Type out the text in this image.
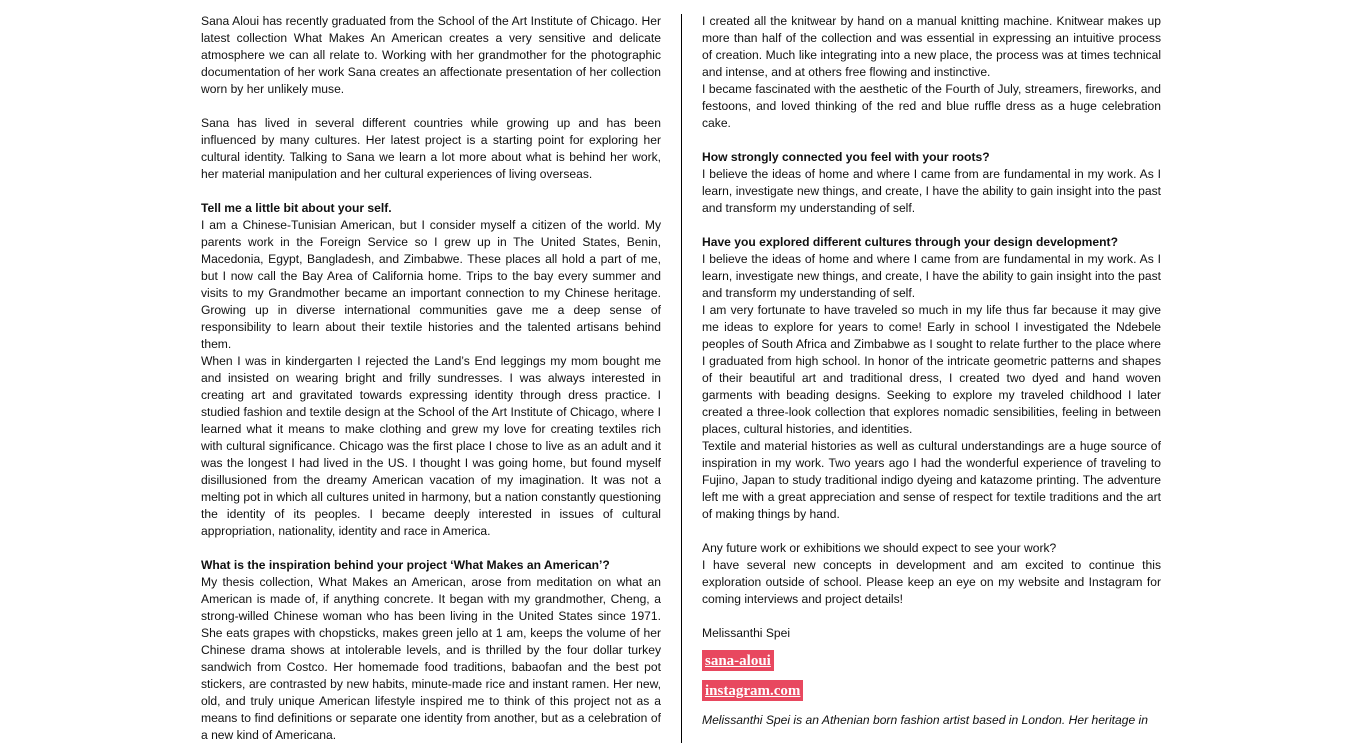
Sana Aloui has recently graduated from the School of the Art Institute of Chicago. Her latest collection What Makes An American creates a very sensitive and delicate atmosphere we can all relate to. Working with her grandmother for the photographic documentation of her work Sana creates an affectionate presentation of her collection worn by her unlikely muse.

Sana has lived in several different countries while growing up and has been influenced by many cultures. Her latest project is a starting point for exploring her cultural identity. Talking to Sana we learn a lot more about what is behind her work, her material manipulation and her cultural experiences of living overseas.

Tell me a little bit about your self.

I am a Chinese-Tunisian American, but I consider myself a citizen of the world. My parents work in the Foreign Service so I grew up in The United States, Benin, Macedonia, Egypt, Bangladesh, and Zimbabwe. These places all hold a part of me, but I now call the Bay Area of California home. Trips to the bay every summer and visits to my Grandmother became an important connection to my Chinese heritage. Growing up in diverse international communities gave me a deep sense of responsibility to learn about their textile histories and the talented artisans behind them.

When I was in kindergarten I rejected the Land’s End leggings my mom bought me and insisted on wearing bright and frilly sundresses. I was always interested in creating art and gravitated towards expressing identity through dress practice. I studied fashion and textile design at the School of the Art Institute of Chicago, where I learned what it means to make clothing and grew my love for creating textiles rich with cultural significance. Chicago was the first place I chose to live as an adult and it was the longest I had lived in the US. I thought I was going home, but found myself disillusioned from the dreamy American vacation of my imagination. It was not a melting pot in which all cultures united in harmony, but a nation constantly questioning the identity of its peoples. I became deeply interested in issues of cultural appropriation, nationality, identity and race in America.

What is the inspiration behind your project ‘What Makes an American’?

My thesis collection, What Makes an American, arose from meditation on what an American is made of, if anything concrete. It began with my grandmother, Cheng, a strong-willed Chinese woman who has been living in the United States since 1971. She eats grapes with chopsticks, makes green jello at 1 am, keeps the volume of her Chinese drama shows at intolerable levels, and is thrilled by the four dollar turkey sandwich from Costco. Her homemade food traditions, babaofan and the best pot stickers, are contrasted by new habits, minute-made rice and instant ramen. Her new, old, and truly unique American lifestyle inspired me to think of this project not as a means to find definitions or separate one identity from another, but as a celebration of a new kind of Americana.

I created all the knitwear by hand on a manual knitting machine. Knitwear makes up more than half of the collection and was essential in expressing an intuitive process of creation. Much like integrating into a new place, the process was at times technical and intense, and at others free flowing and instinctive.

I became fascinated with the aesthetic of the Fourth of July, streamers, fireworks, and festoons, and loved thinking of the red and blue ruffle dress as a huge celebration cake.

How strongly connected you feel with your roots?

I believe the ideas of home and where I came from are fundamental in my work. As I learn, investigate new things, and create, I have the ability to gain insight into the past and transform my understanding of self.

Have you explored different cultures through your design development?

I believe the ideas of home and where I came from are fundamental in my work. As I learn, investigate new things, and create, I have the ability to gain insight into the past and transform my understanding of self.

I am very fortunate to have traveled so much in my life thus far because it may give me ideas to explore for years to come! Early in school I investigated the Ndebele peoples of South Africa and Zimbabwe as I sought to relate further to the place where I graduated from high school. In honor of the intricate geometric patterns and shapes of their beautiful art and traditional dress, I created two dyed and hand woven garments with beading designs. Seeking to explore my traveled childhood I later created a three-look collection that explores nomadic sensibilities, feeling in between places, cultural histories, and identities.

Textile and material histories as well as cultural understandings are a huge source of inspiration in my work. Two years ago I had the wonderful experience of traveling to Fujino, Japan to study traditional indigo dyeing and katazome printing. The adventure left me with a great appreciation and sense of respect for textile traditions and the art of making things by hand.

Any future work or exhibitions we should expect to see your work?

I have several new concepts in development and am excited to continue this exploration outside of school. Please keep an eye on my website and Instagram for coming interviews and project details!

Melissanthi Spei

sana-aloui
instagram.com

Melissanthi Spei is an Athenian born fashion artist based in London. Her heritage in
